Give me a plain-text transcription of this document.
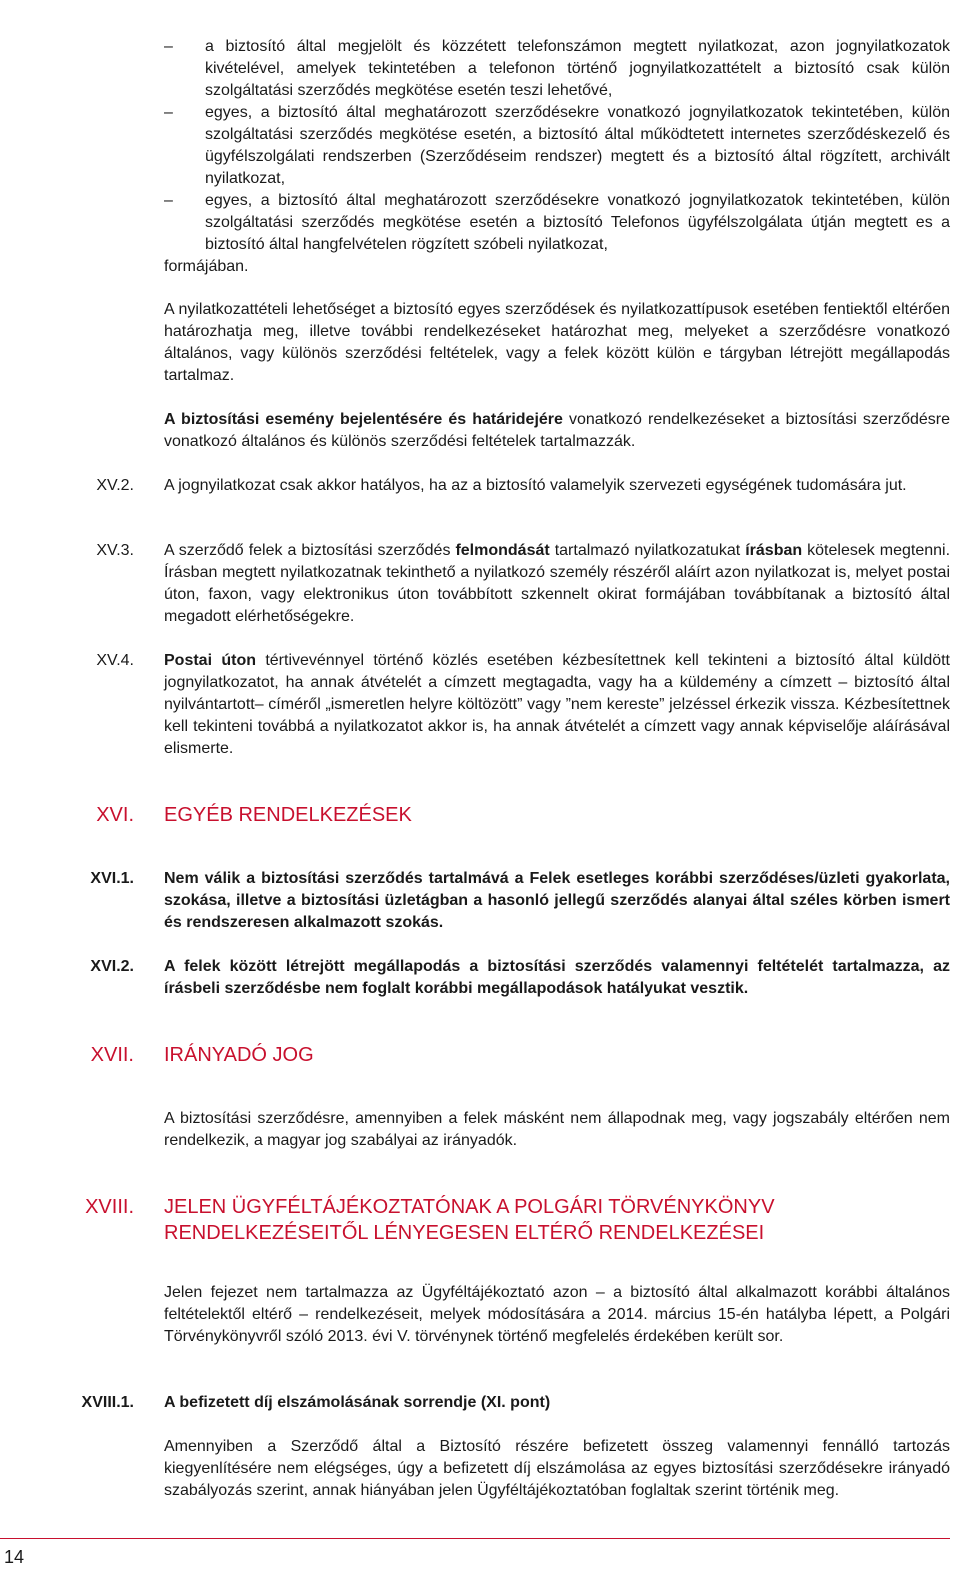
– a biztosító által megjelölt és közzétett telefonszámon megtett nyilatkozat, azon jognyilatkozatok kivételével, amelyek tekintetében a telefonon történő jognyilatkozattételt a biztosító csak külön szolgáltatási szerződés megkötése esetén teszi lehetővé,
– egyes, a biztosító által meghatározott szerződésekre vonatkozó jognyilatkozatok tekintetében, külön szolgáltatási szerződés megkötése esetén, a biztosító által működtetett internetes szerződéskezelő és ügyfélszolgálati rendszerben (Szerződéseim rendszer) megtett és a biztosító által rögzített, archivált nyilatkozat,
– egyes, a biztosító által meghatározott szerződésekre vonatkozó jognyilatkozatok tekintetében, külön szolgáltatási szerződés megkötése esetén a biztosító Telefonos ügyfélszolgálata útján megtett es a biztosító által hangfelvételen rögzített szóbeli nyilatkozat,
formájában.
A nyilatkozattételi lehetőséget a biztosító egyes szerződések és nyilatkozattípusok esetében fentiektől eltérően határozhatja meg, illetve további rendelkezéseket határozhat meg, melyeket a szerződésre vonatkozó általános, vagy különös szerződési feltételek, vagy a felek között külön e tárgyban létrejött megállapodás tartalmaz.
A biztosítási esemény bejelentésére és határidejére vonatkozó rendelkezéseket a biztosítási szerződésre vonatkozó általános és különös szerződési feltételek tartalmazzák.
XV.2. A jognyilatkozat csak akkor hatályos, ha az a biztosító valamelyik szervezeti egységének tudomására jut.
XV.3. A szerződő felek a biztosítási szerződés felmondását tartalmazó nyilatkozatukat írásban kötelesek megtenni. Írásban megtett nyilatkozatnak tekinthető a nyilatkozó személy részéről aláírt azon nyilatkozat is, melyet postai úton, faxon, vagy elektronikus úton továbbított szkennelt okirat formájában továbbítanak a biztosító által megadott elérhetőségekre.
XV.4. Postai úton tértivevénnyel történő közlés esetében kézbesítettnek kell tekinteni a biztosító által küldött jognyilatkozatot, ha annak átvételét a címzett megtagadta, vagy ha a küldemény a címzett – biztosító által nyilvántartott– címéről „ismeretlen helyre költözött” vagy ”nem kereste” jelzéssel érkezik vissza. Kézbesítettnek kell tekinteni továbbá a nyilatkozatot akkor is, ha annak átvételét a címzett vagy annak képviselője aláírásával elismerte.
XVI. EGYÉB RENDELKEZÉSEK
XVI.1. Nem válik a biztosítási szerződés tartalmává a Felek esetleges korábbi szerződéses/üzleti gyakorlata, szokása, illetve a biztosítási üzletágban a hasonló jellegű szerződés alanyai által széles körben ismert és rendszeresen alkalmazott szokás.
XVI.2. A felek között létrejött megállapodás a biztosítási szerződés valamennyi feltételét tartalmazza, az írásbeli szerződésbe nem foglalt korábbi megállapodások hatályukat vesztik.
XVII. IRÁNYADÓ JOG
A biztosítási szerződésre, amennyiben a felek másként nem állapodnak meg, vagy jogszabály eltérően nem rendelkezik, a magyar jog szabályai az irányadók.
XVIII. JELEN ÜGYFÉLTÁJÉKOZTATÓNAK A POLGÁRI TÖRVÉNYKÖNYV
RENDELKEZÉSEITŐL LÉNYEGESEN ELTÉRŐ RENDELKEZÉSEI
Jelen fejezet nem tartalmazza az Ügyféltájékoztató azon – a biztosító által alkalmazott korábbi általános feltételektől eltérő – rendelkezéseit, melyek módosítására a 2014. március 15-én hatályba lépett, a Polgári Törvénykönyvről szóló 2013. évi V. törvénynek történő megfelelés érdekében került sor.
XVIII.1. A befizetett díj elszámolásának sorrendje (XI. pont)
Amennyiben a Szerződő által a Biztosító részére befizetett összeg valamennyi fennálló tartozás kiegyenlítésére nem elégséges, úgy a befizetett díj elszámolása az egyes biztosítási szerződésekre irányadó szabályozás szerint, annak hiányában jelen Ügyféltájékoztatóban foglaltak szerint történik meg.
14
